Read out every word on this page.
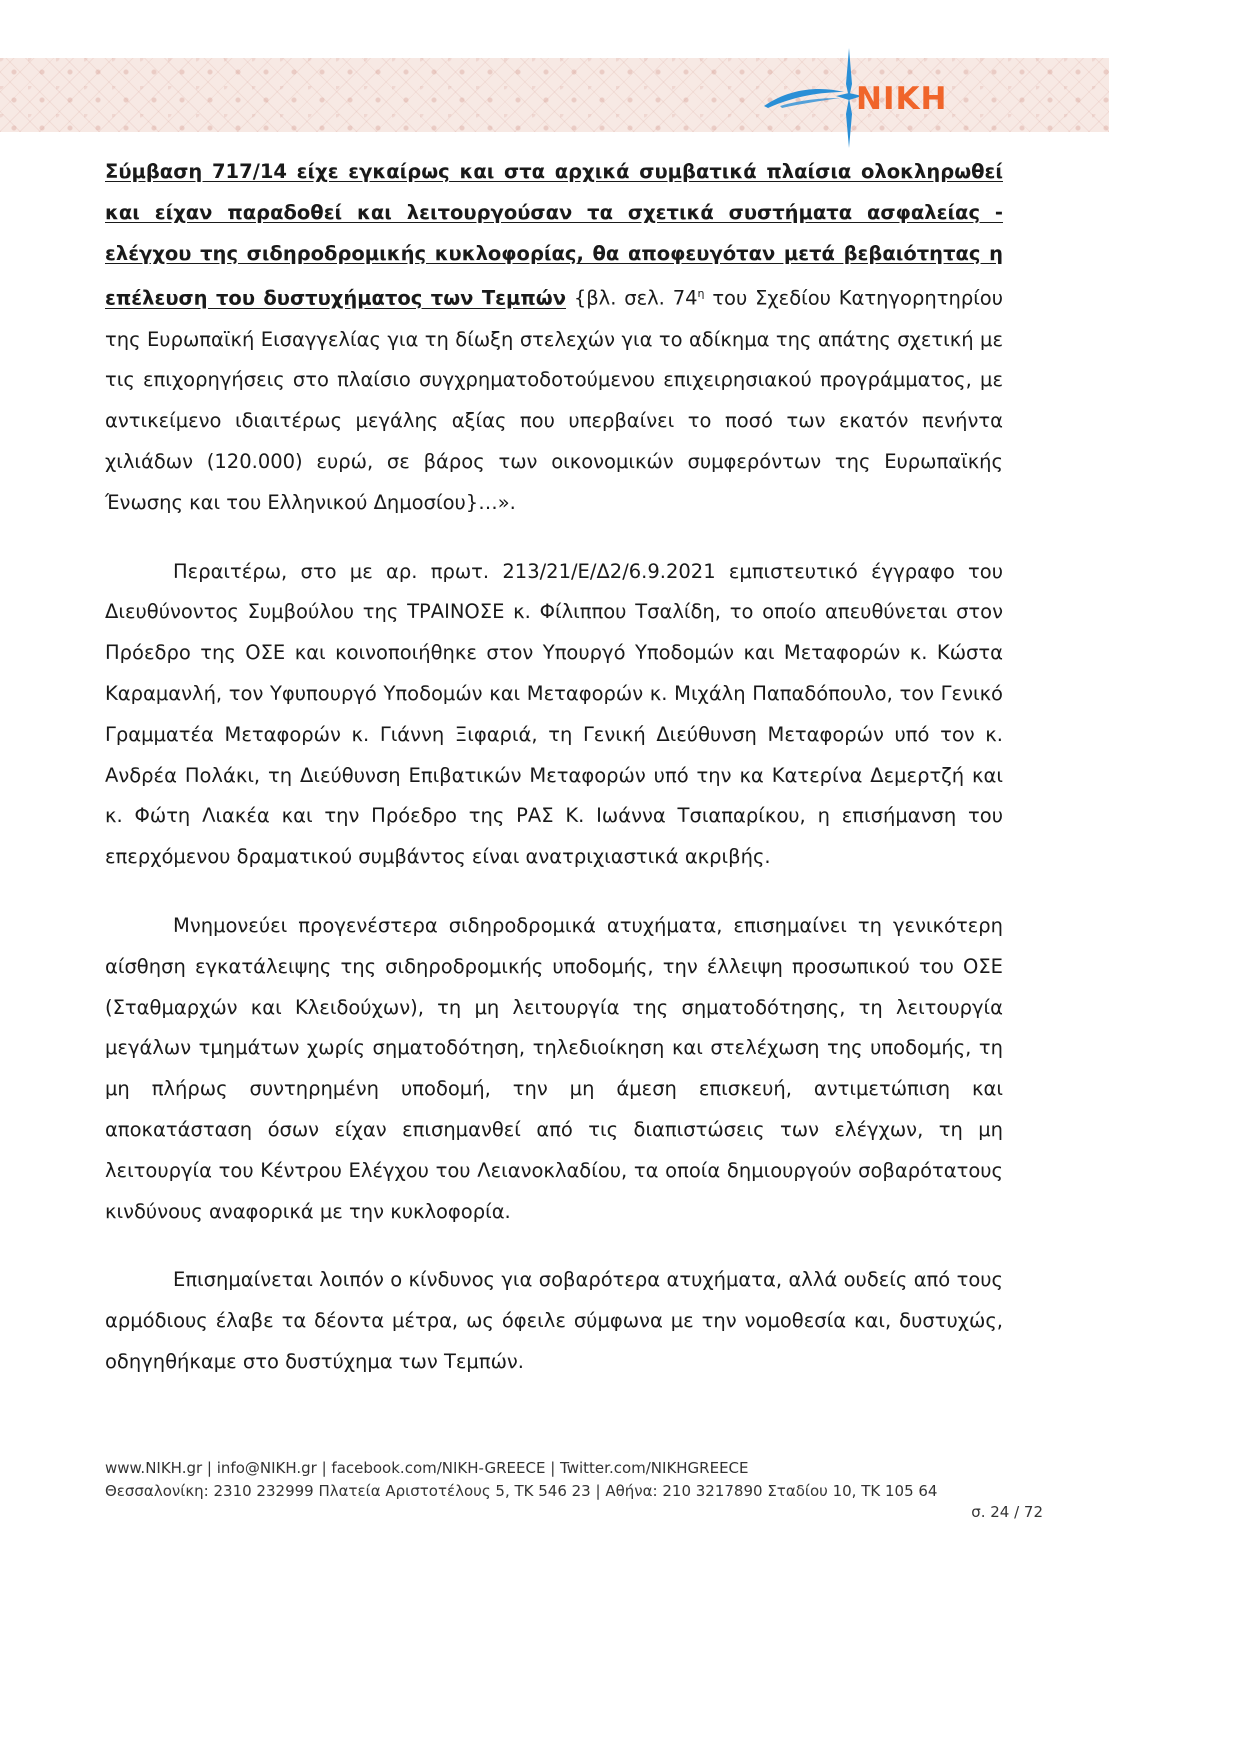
NIKH

Σύμβαση 717/14 είχε εγκαίρως και στα αρχικά συμβατικά πλαίσια ολοκληρωθεί και είχαν παραδοθεί και λειτουργούσαν τα σχετικά συστήματα ασφαλείας - ελέγχου της σιδηροδρομικής κυκλοφορίας, θα αποφευγόταν μετά βεβαιότητας η επέλευση του δυστυχήματος των Τεμπών {βλ. σελ. $74^\eta$ του Σχεδίου Κατηγορητηρίου της Ευρωπαϊκή Εισαγγελίας για τη δίωξη στελεχών για το αδίκημα της απάτης σχετική με τις επιχορηγήσεις στο πλαίσιο συγχρηματοδοτούμενου επιχειρησιακού προγράμματος, με αντικείμενο ιδιαιτέρως μεγάλης αξίας που υπερβαίνει το ποσό των εκατόν πενήντα χιλιάδων (120.000) ευρώ, σε βάρος των οικονομικών συμφερόντων της Ευρωπαϊκής Ένωσης και του Ελληνικού Δημοσίου}…».

Περαιτέρω, στο με αρ. πρωτ. 213/21/Ε/Δ2/6.9.2021 εμπιστευτικό έγγραφο του Διευθύνοντος Συμβούλου της ΤΡΑΙΝΟΣΕ κ. Φίλιππου Τσαλίδη, το οποίο απευθύνεται στον Πρόεδρο της ΟΣΕ και κοινοποιήθηκε στον Υπουργό Υποδομών και Μεταφορών κ. Κώστα Καραμανλή, τον Υφυπουργό Υποδομών και Μεταφορών κ. Μιχάλη Παπαδόπουλο, τον Γενικό Γραμματέα Μεταφορών κ. Γιάννη Ξιφαριά, τη Γενική Διεύθυνση Μεταφορών υπό τον κ. Ανδρέα Πολάκι, τη Διεύθυνση Επιβατικών Μεταφορών υπό την κα Κατερίνα Δεμερτζή και κ. Φώτη Λιακέα και την Πρόεδρο της ΡΑΣ Κ. Ιωάννα Τσιαπαρίκου, η επισήμανση του επερχόμενου δραματικού συμβάντος είναι ανατριχιαστικά ακριβής.

Μνημονεύει προγενέστερα σιδηροδρομικά ατυχήματα, επισημαίνει τη γενικότερη αίσθηση εγκατάλειψης της σιδηροδρομικής υποδομής, την έλλειψη προσωπικού του ΟΣΕ (Σταθμαρχών και Κλειδούχων), τη μη λειτουργία της σηματοδότησης, τη λειτουργία μεγάλων τμημάτων χωρίς σηματοδότηση, τηλεδιοίκηση και στελέχωση της υποδομής, τη μη πλήρως συντηρημένη υποδομή, την μη άμεση επισκευή, αντιμετώπιση και αποκατάσταση όσων είχαν επισημανθεί από τις διαπιστώσεις των ελέγχων, τη μη λειτουργία του Κέντρου Ελέγχου του Λειανοκλαδίου, τα οποία δημιουργούν σοβαρότατους κινδύνους αναφορικά με την κυκλοφορία.

Επισημαίνεται λοιπόν ο κίνδυνος για σοβαρότερα ατυχήματα, αλλά ουδείς από τους αρμόδιους έλαβε τα δέοντα μέτρα, ως όφειλε σύμφωνα με την νομοθεσία και, δυστυχώς, οδηγηθήκαμε στο δυστύχημα των Τεμπών.

www.NIKH.gr | info@NIKH.gr | facebook.com/NIKH-GREECE | Twitter.com/NIKHGREECE
Θεσσαλονίκη: 2310 232999 Πλατεία Αριστοτέλους 5, ΤΚ 546 23 | Αθήνα: 210 3217890 Σταδίου 10, ΤΚ 105 64
σ. 24 / 72
